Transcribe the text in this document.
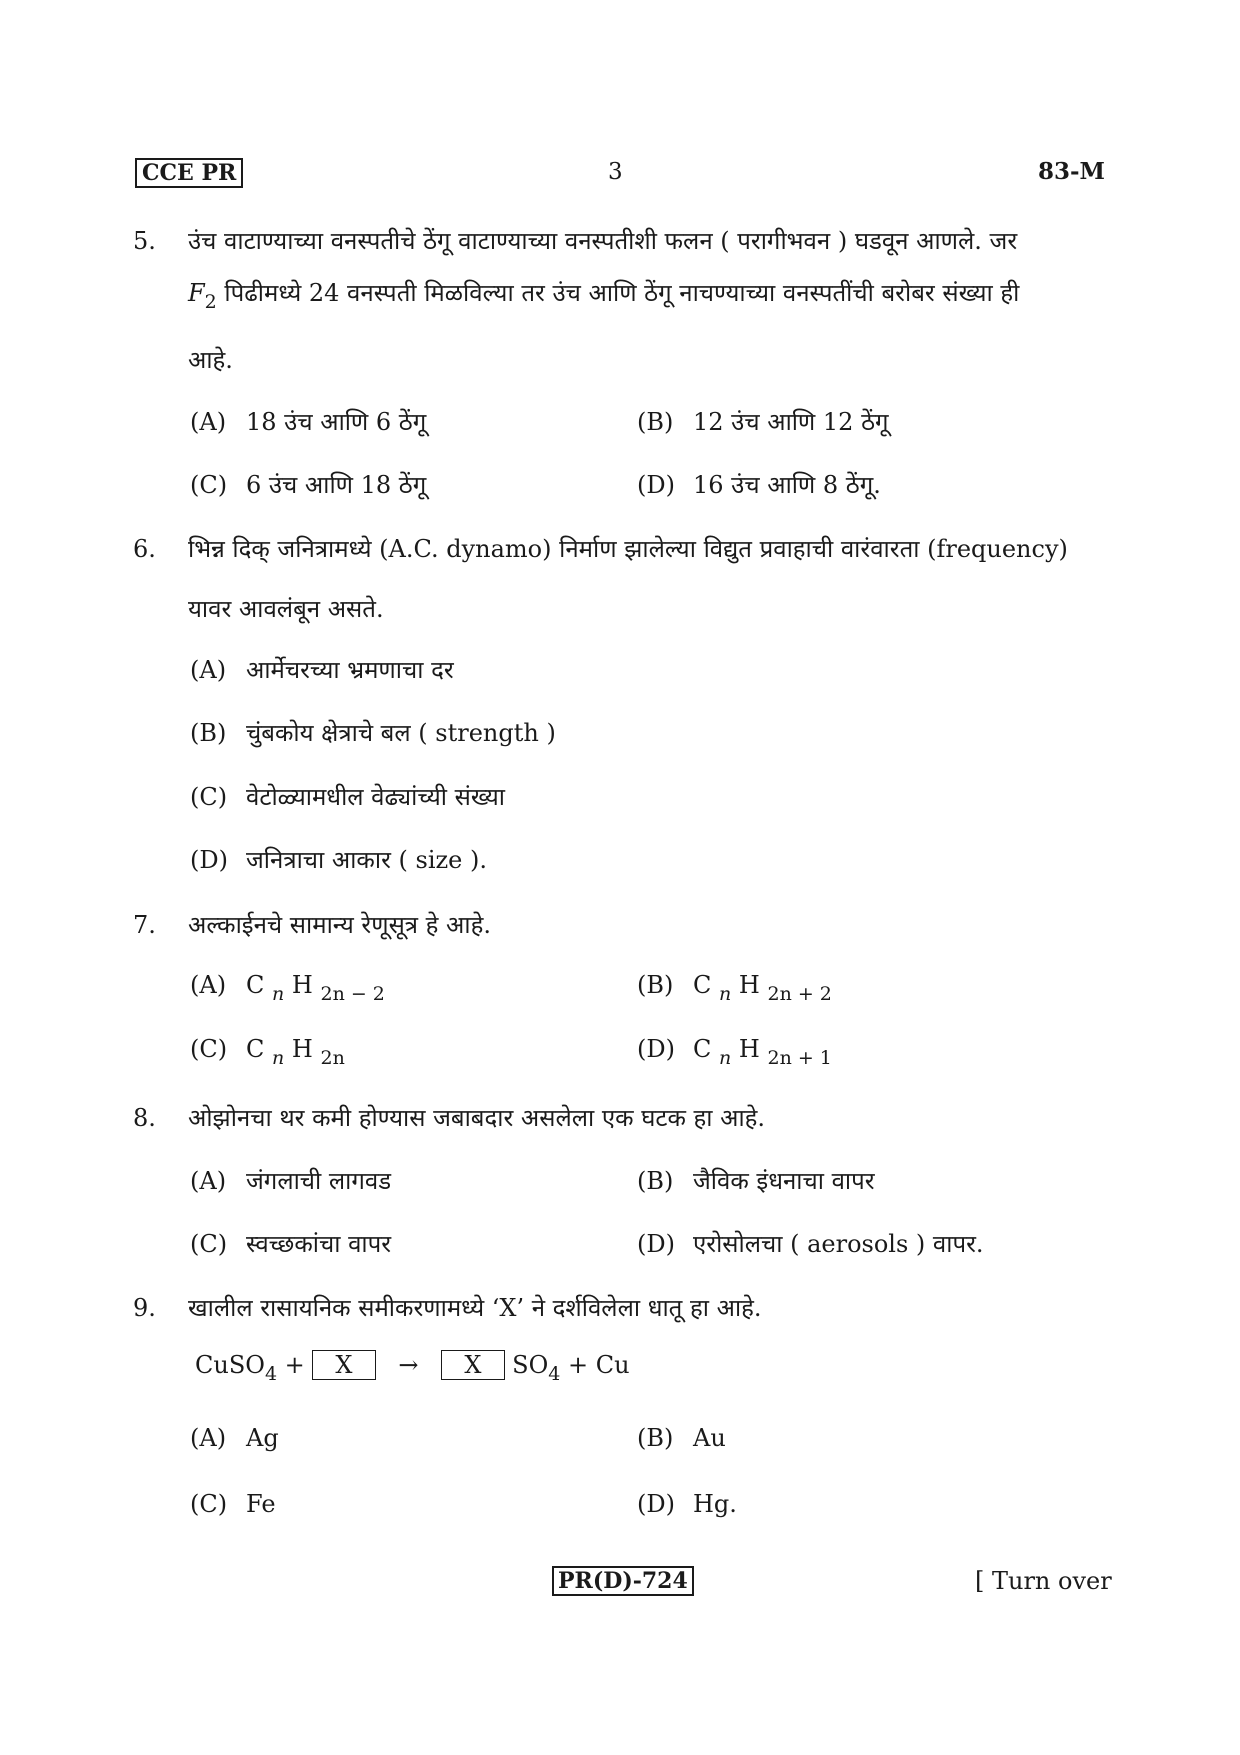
CCE PR	3	83-M
5. उंच वाटाण्याच्या वनस्पतीचे ठेंगू वाटाण्याच्या वनस्पतीशी फलन ( परागीभवन ) घडवून आणले. जर
$F_2$ पिढीमध्ये 24 वनस्पती मिळविल्या तर उंच आणि ठेंगू नाचण्याच्या वनस्पतींची बरोबर संख्या ही
आहे.
(A) 18 उंच आणि 6 ठेंगू	(B) 12 उंच आणि 12 ठेंगू
(C) 6 उंच आणि 18 ठेंगू	(D) 16 उंच आणि 8 ठेंगू.
6. भिन्न दिक् जनित्रामध्ये (A.C. dynamo) निर्माण झालेल्या विद्युत प्रवाहाची वारंवारता (frequency)
यावर आवलंबून असते.
(A) आर्मेचरच्या भ्रमणाचा दर
(B) चुंबकोय क्षेत्राचे बल ( strength )
(C) वेटोळ्यामधील वेढ्यांच्यी संख्या
(D) जनित्राचा आकार ( size ).
7. अल्काईनचे सामान्य रेणूसूत्र हे आहे.
(A) C $_n$ H $_{2n - 2}$	(B) C $_n$ H $_{2n + 2}$
(C) C $_n$ H $_{2n}$	(D) C $_n$ H $_{2n + 1}$
8. ओझोनचा थर कमी होण्यास जबाबदार असलेला एक घटक हा आहे.
(A) जंगलाची लागवड	(B) जैविक इंधनाचा वापर
(C) स्वच्छकांचा वापर	(D) एरोसोलचा ( aerosols ) वापर.
9. खालील रासायनिक समीकरणामध्ये ‘X’ ने दर्शविलेला धातू हा आहे.
CuSO$_4$ + X → X $SO_4 + Cu$
(A) Ag	(B) Au
(C) Fe	(D) Hg.
PR(D)-724	[ Turn over
